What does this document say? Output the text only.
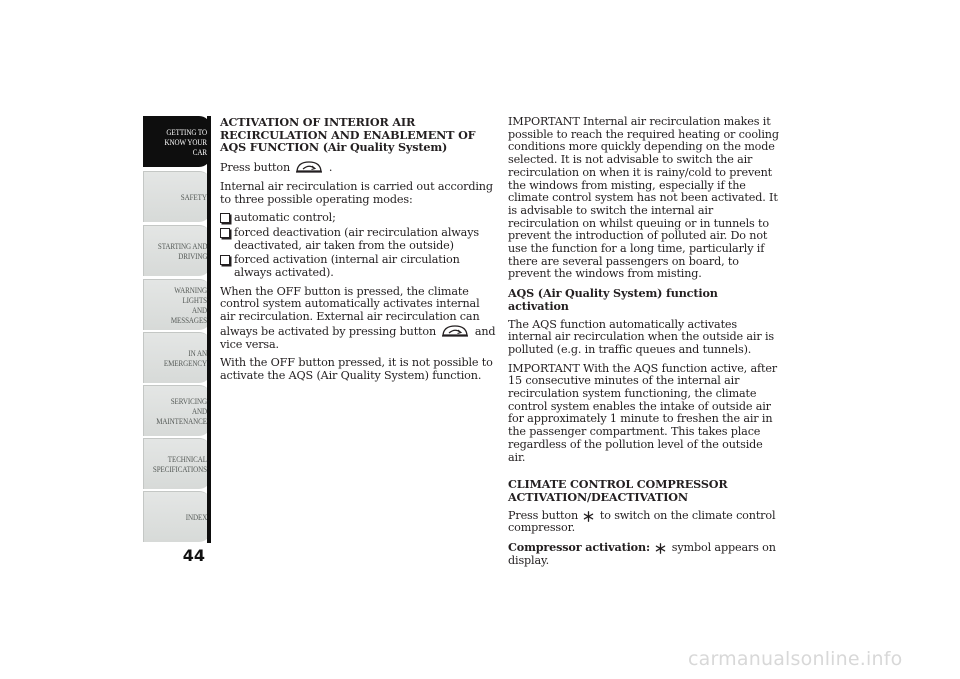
GETTING TO
KNOW YOUR CAR
SAFETY
STARTING AND
DRIVING
WARNING LIGHTS
AND MESSAGES
IN AN EMERGENCY
SERVICING AND
MAINTENANCE
TECHNICAL
SPECIFICATIONS
INDEX
44

ACTIVATION OF INTERIOR AIR RECIRCULATION AND ENABLEMENT OF AQS FUNCTION (Air Quality System)

Press button	.

Internal air recirculation is carried out according to three possible operating modes:

automatic control;
forced deactivation (air recirculation always deactivated, air taken from the outside)
forced activation (internal air circulation always activated).

When the OFF button is pressed, the climate control system automatically activates internal air recirculation. External air recirculation can always be activated by pressing button	and vice versa.

With the OFF button pressed, it is not possible to activate the AQS (Air Quality System) function.

IMPORTANT Internal air recirculation makes it possible to reach the required heating or cooling conditions more quickly depending on the mode selected. It is not advisable to switch the air recirculation on when it is rainy/cold to prevent the windows from misting, especially if the climate control system has not been activated. It is advisable to switch the internal air recirculation on whilst queuing or in tunnels to prevent the introduction of polluted air. Do not use the function for a long time, particularly if there are several passengers on board, to prevent the windows from misting.

AQS (Air Quality System) function activation

The AQS function automatically activates internal air recirculation when the outside air is polluted (e.g. in traffic queues and tunnels).

IMPORTANT With the AQS function active, after 15 consecutive minutes of the internal air recirculation system functioning, the climate control system enables the intake of outside air for approximately 1 minute to freshen the air in the passenger compartment. This takes place regardless of the pollution level of the outside air.

CLIMATE CONTROL COMPRESSOR ACTIVATION/DEACTIVATION

Press button to switch on the climate control compressor.

Compressor activation: symbol appears on display.

carmanualsonline.info
